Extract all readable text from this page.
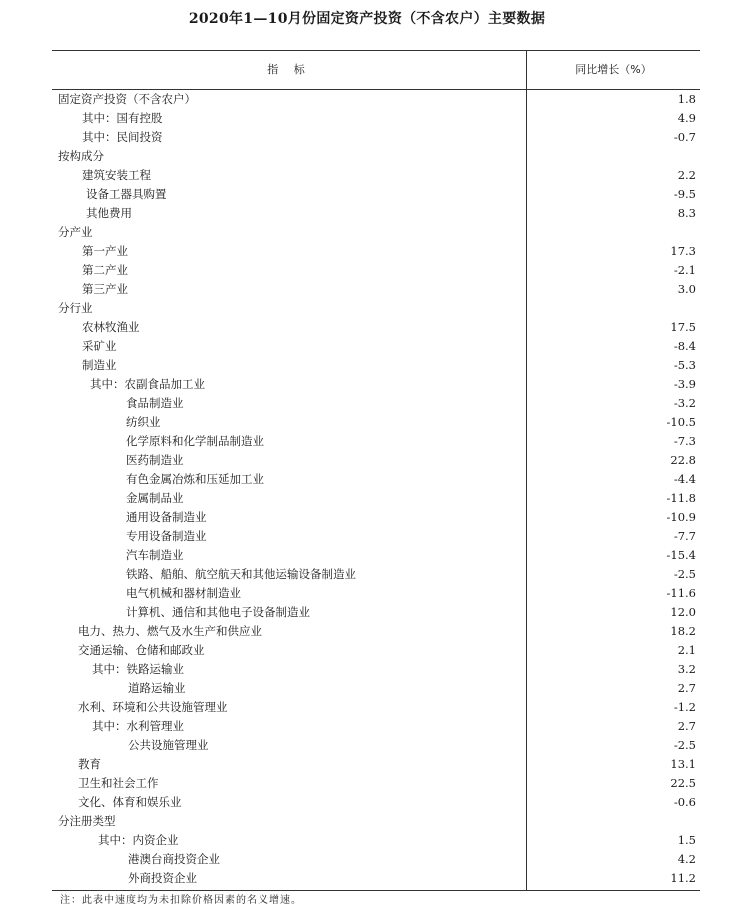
2020年1—10月份固定资产投资（不含农户）主要数据
指 标	同比增长（%）
固定资产投资（不含农户）	1.8
其中：国有控股	4.9
其中：民间投资	-0.7
按构成分
建筑安装工程	2.2
设备工器具购置	-9.5
其他费用	8.3
分产业
第一产业	17.3
第二产业	-2.1
第三产业	3.0
分行业
农林牧渔业	17.5
采矿业	-8.4
制造业	-5.3
其中：农副食品加工业	-3.9
食品制造业	-3.2
纺织业	-10.5
化学原料和化学制品制造业	-7.3
医药制造业	22.8
有色金属冶炼和压延加工业	-4.4
金属制品业	-11.8
通用设备制造业	-10.9
专用设备制造业	-7.7
汽车制造业	-15.4
铁路、船舶、航空航天和其他运输设备制造业	-2.5
电气机械和器材制造业	-11.6
计算机、通信和其他电子设备制造业	12.0
电力、热力、燃气及水生产和供应业	18.2
交通运输、仓储和邮政业	2.1
其中：铁路运输业	3.2
道路运输业	2.7
水利、环境和公共设施管理业	-1.2
其中：水利管理业	2.7
公共设施管理业	-2.5
教育	13.1
卫生和社会工作	22.5
文化、体育和娱乐业	-0.6
分注册类型
其中：内资企业	1.5
港澳台商投资企业	4.2
外商投资企业	11.2
注：此表中速度均为未扣除价格因素的名义增速。
